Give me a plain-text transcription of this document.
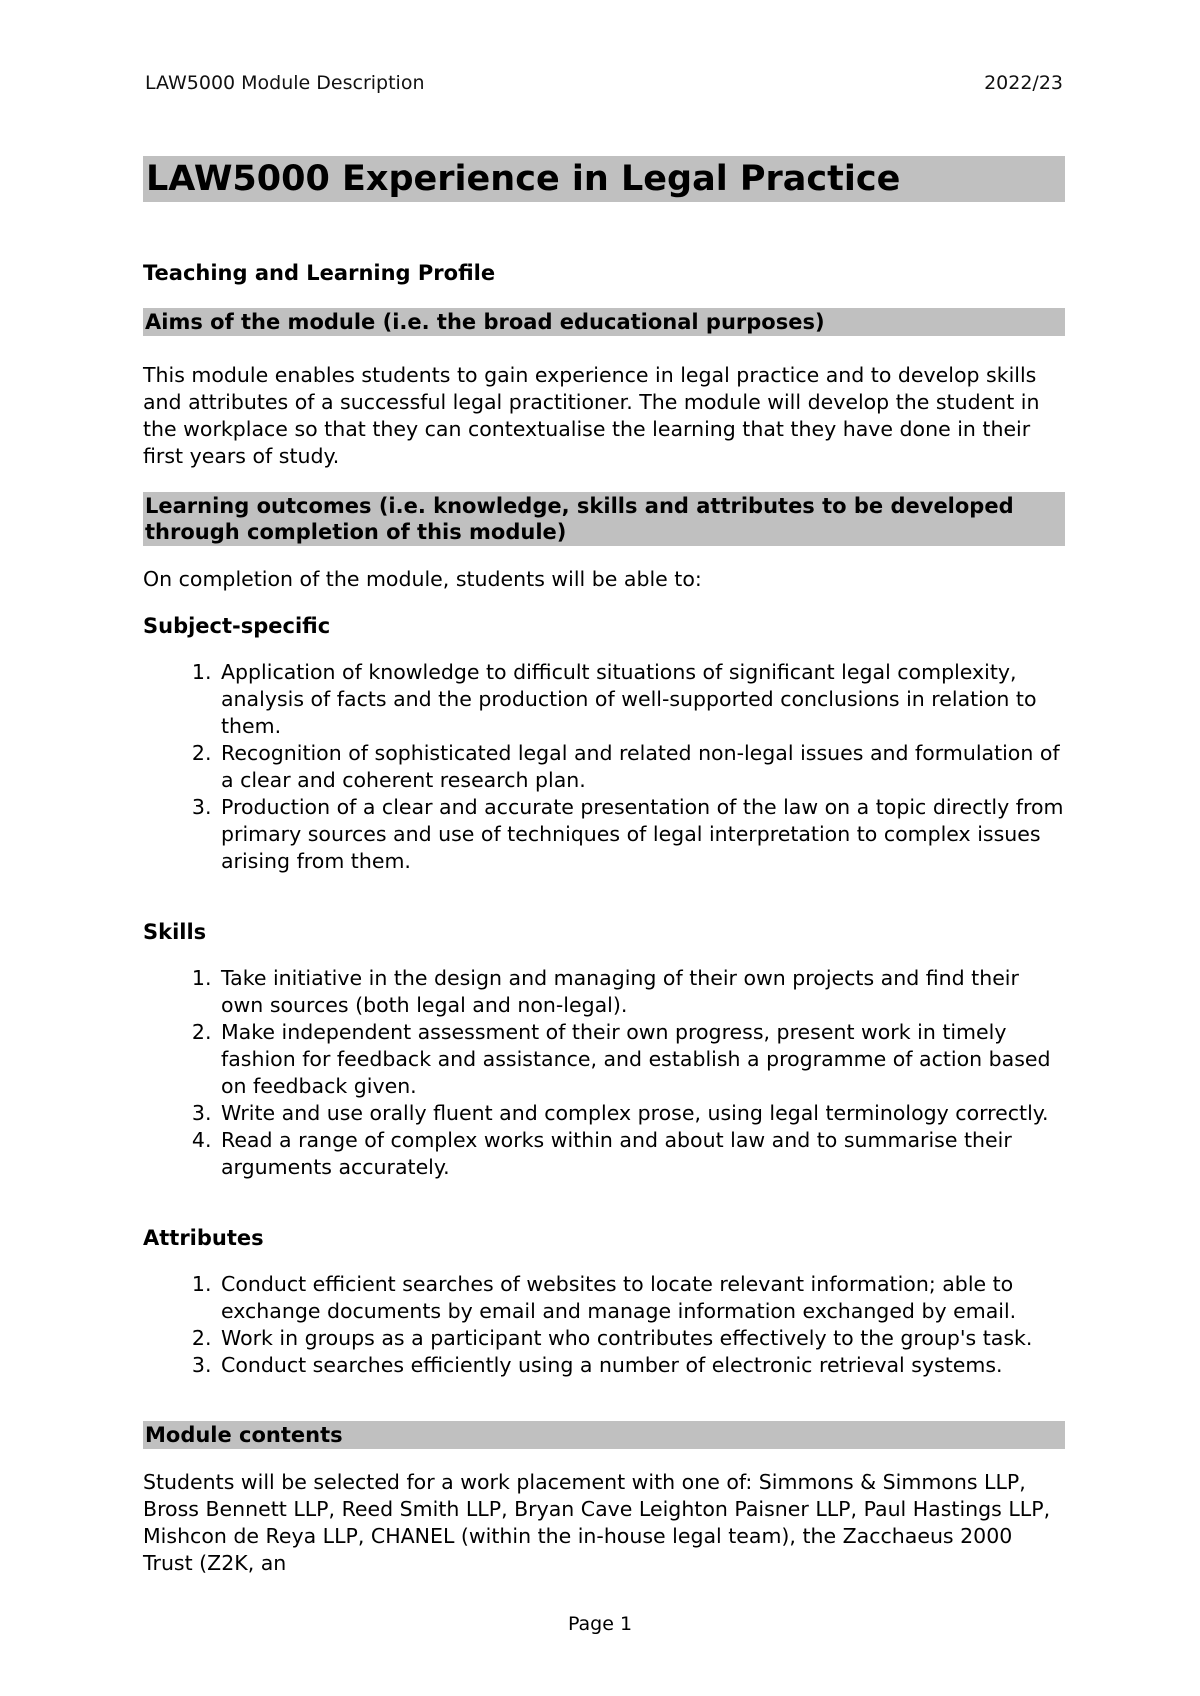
LAW5000 Module Description	2022/23
LAW5000 Experience in Legal Practice
Teaching and Learning Profile
Aims of the module (i.e. the broad educational purposes)
This module enables students to gain experience in legal practice and to develop skills and attributes of a successful legal practitioner. The module will develop the student in the workplace so that they can contextualise the learning that they have done in their first years of study.
Learning outcomes (i.e. knowledge, skills and attributes to be developed through completion of this module)
On completion of the module, students will be able to:
Subject-specific
1. Application of knowledge to difficult situations of significant legal complexity, analysis of facts and the production of well-supported conclusions in relation to them.
2. Recognition of sophisticated legal and related non-legal issues and formulation of a clear and coherent research plan.
3. Production of a clear and accurate presentation of the law on a topic directly from primary sources and use of techniques of legal interpretation to complex issues arising from them.
Skills
1. Take initiative in the design and managing of their own projects and find their own sources (both legal and non-legal).
2. Make independent assessment of their own progress, present work in timely fashion for feedback and assistance, and establish a programme of action based on feedback given.
3. Write and use orally fluent and complex prose, using legal terminology correctly.
4. Read a range of complex works within and about law and to summarise their arguments accurately.
Attributes
1. Conduct efficient searches of websites to locate relevant information; able to exchange documents by email and manage information exchanged by email.
2. Work in groups as a participant who contributes effectively to the group's task.
3. Conduct searches efficiently using a number of electronic retrieval systems.
Module contents
Students will be selected for a work placement with one of: Simmons & Simmons LLP, Bross Bennett LLP, Reed Smith LLP, Bryan Cave Leighton Paisner LLP, Paul Hastings LLP, Mishcon de Reya LLP, CHANEL (within the in-house legal team), the Zacchaeus 2000 Trust (Z2K, an
Page 1
